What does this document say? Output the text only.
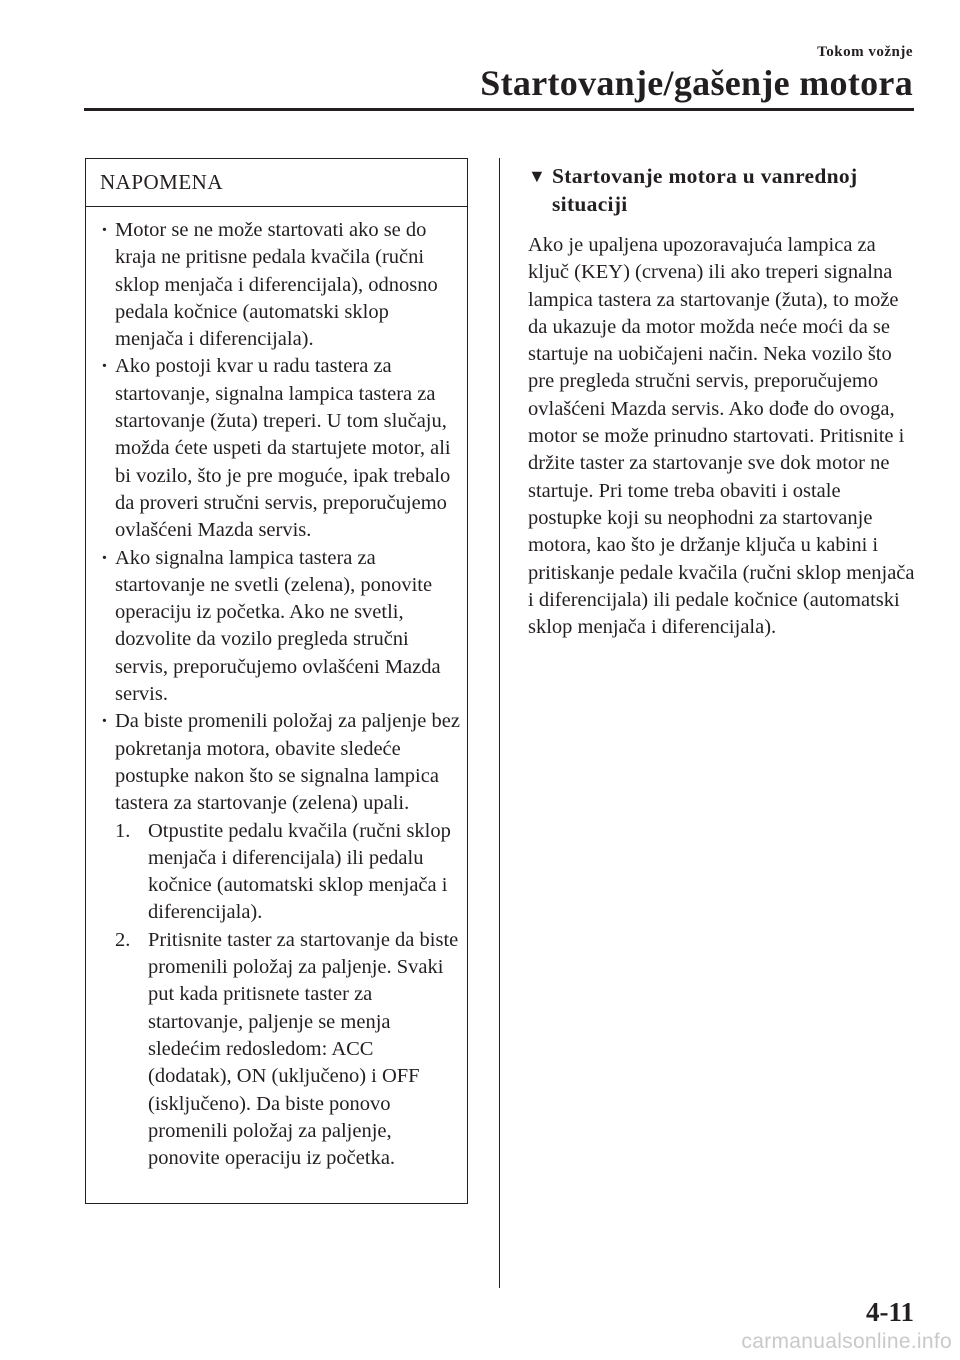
Tokom vožnje
Startovanje/gašenje motora
NAPOMENA
· Motor se ne može startovati ako se do kraja ne pritisne pedala kvačila (ručni sklop menjača i diferencijala), odnosno pedala kočnice (automatski sklop menjača i diferencijala).
· Ako postoji kvar u radu tastera za startovanje, signalna lampica tastera za startovanje (žuta) treperi. U tom slučaju, možda ćete uspeti da startujete motor, ali bi vozilo, što je pre moguće, ipak trebalo da proveri stručni servis, preporučujemo ovlašćeni Mazda servis.
· Ako signalna lampica tastera za startovanje ne svetli (zelena), ponovite operaciju iz početka. Ako ne svetli, dozvolite da vozilo pregleda stručni servis, preporučujemo ovlašćeni Mazda servis.
· Da biste promenili položaj za paljenje bez pokretanja motora, obavite sledeće postupke nakon što se signalna lampica tastera za startovanje (zelena) upali.
1. Otpustite pedalu kvačila (ručni sklop menjača i diferencijala) ili pedalu kočnice (automatski sklop menjača i diferencijala).
2. Pritisnite taster za startovanje da biste promenili položaj za paljenje. Svaki put kada pritisnete taster za startovanje, paljenje se menja sledećim redosledom: ACC (dodatak), ON (uključeno) i OFF (isključeno). Da biste ponovo promenili položaj za paljenje, ponovite operaciju iz početka.
▼ Startovanje motora u vanrednoj situaciji

Ako je upaljena upozoravajuća lampica za ključ (KEY) (crvena) ili ako treperi signalna lampica tastera za startovanje (žuta), to može da ukazuje da motor možda neće moći da se startuje na uobičajeni način. Neka vozilo što pre pregleda stručni servis, preporučujemo ovlašćeni Mazda servis. Ako dođe do ovoga, motor se može prinudno startovati. Pritisnite i držite taster za startovanje sve dok motor ne startuje. Pri tome treba obaviti i ostale postupke koji su neophodni za startovanje motora, kao što je držanje ključa u kabini i pritiskanje pedale kvačila (ručni sklop menjača i diferencijala) ili pedale kočnice (automatski sklop menjača i diferencijala).

4-11
carmanualsonline.info
